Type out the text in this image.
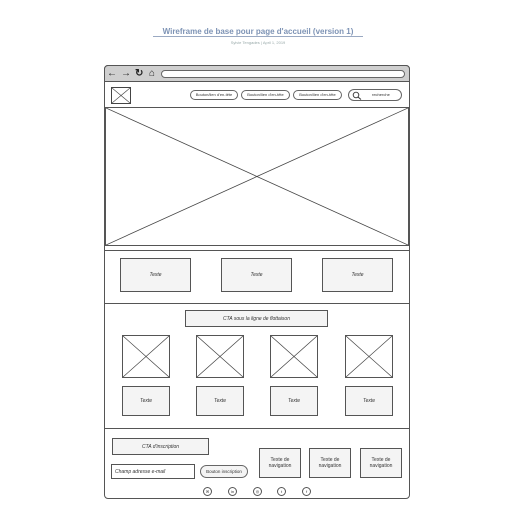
Wireframe de base pour page d'accueil (version 1)
Sylvie Tengades | April 1, 2019
← → ↻ ⌂
Bouton/lien d'en-tête	Bouton/lien d'en-tête	Bouton/lien d'en-tête	recherche
Texte	Texte	Texte
CTA sous la ligne de flottaison
Texte	Texte	Texte	Texte
CTA d'inscription
Champ adresse e-mail	Bouton inscription
Texte de navigation
Texte de navigation
Texte de navigation
✉	in	◎	t	f
